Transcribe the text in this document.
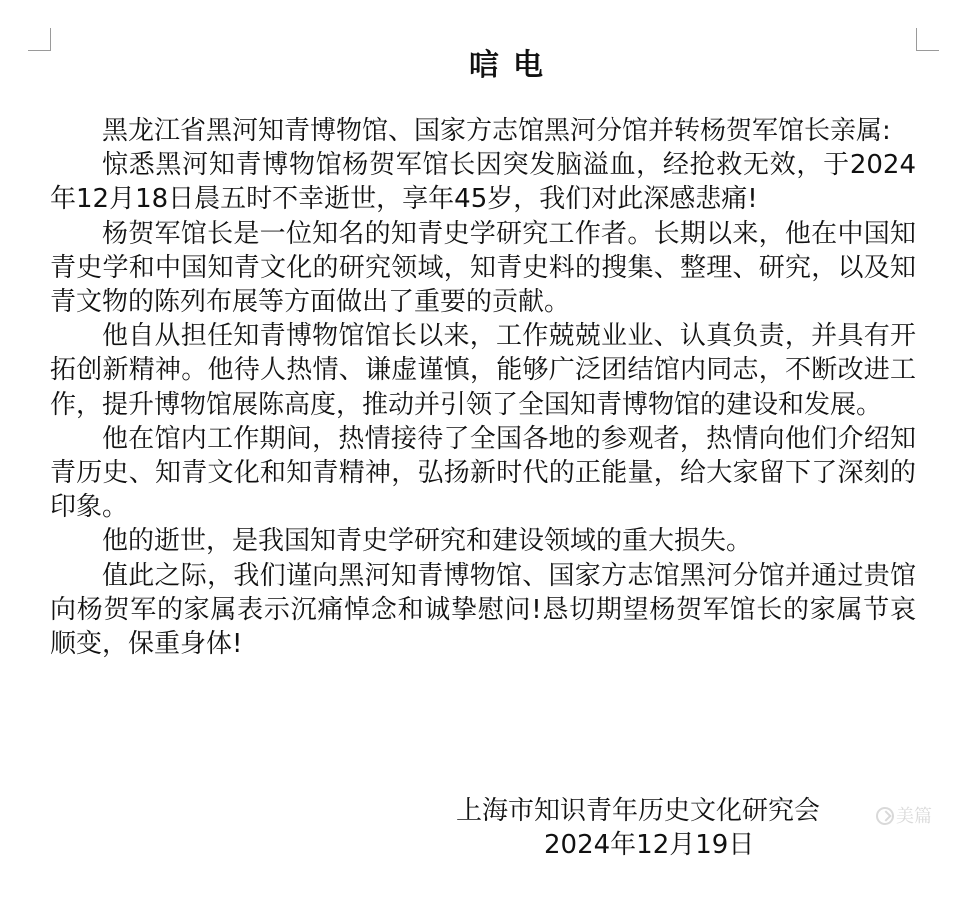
唁电

黑龙江省黑河知青博物馆、国家方志馆黑河分馆并转杨贺军馆长亲属:

惊悉黑河知青博物馆杨贺军馆长因突发脑溢血，经抢救无效，于2024年12月18日晨五时不幸逝世，享年45岁，我们对此深感悲痛!

杨贺军馆长是一位知名的知青史学研究工作者。长期以来，他在中国知青史学和中国知青文化的研究领域，知青史料的搜集、整理、研究，以及知青文物的陈列布展等方面做出了重要的贡献。

他自从担任知青博物馆馆长以来，工作兢兢业业、认真负责，并具有开拓创新精神。他待人热情、谦虚谨慎，能够广泛团结馆内同志，不断改进工作，提升博物馆展陈高度，推动并引领了全国知青博物馆的建设和发展。

他在馆内工作期间，热情接待了全国各地的参观者，热情向他们介绍知青历史、知青文化和知青精神，弘扬新时代的正能量，给大家留下了深刻的印象。

他的逝世，是我国知青史学研究和建设领域的重大损失。

值此之际，我们谨向黑河知青博物馆、国家方志馆黑河分馆并通过贵馆向杨贺军的家属表示沉痛悼念和诚挚慰问!恳切期望杨贺军馆长的家属节哀顺变，保重身体!

上海市知识青年历史文化研究会
2024年12月19日
美篇
